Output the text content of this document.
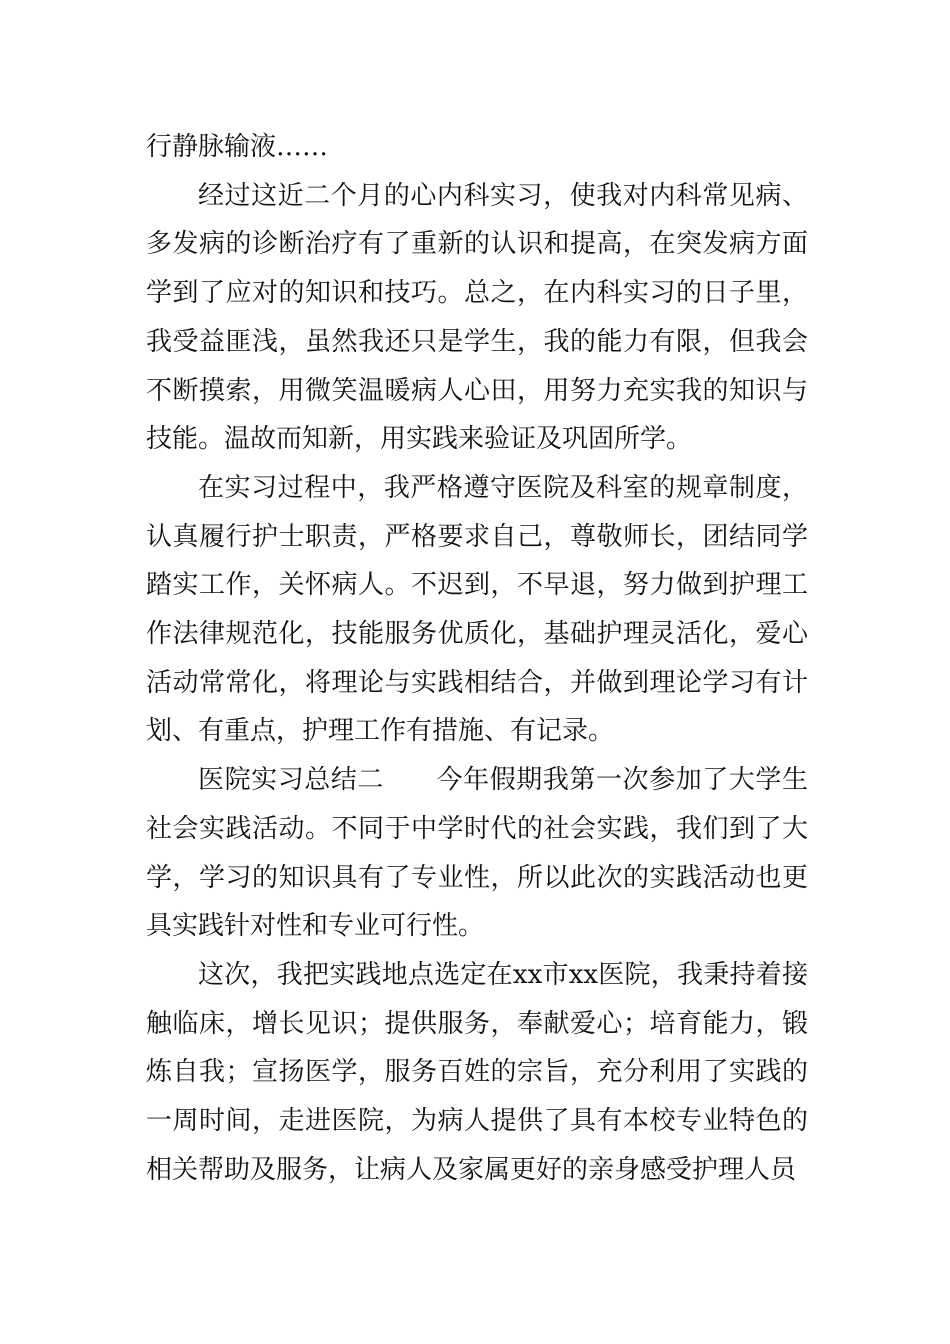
行静脉输液……

经过这近二个月的心内科实习，使我对内科常见病、多发病的诊断治疗有了重新的认识和提高，在突发病方面学到了应对的知识和技巧。总之，在内科实习的日子里，我受益匪浅，虽然我还只是学生，我的能力有限，但我会不断摸索，用微笑温暖病人心田，用努力充实我的知识与技能。温故而知新，用实践来验证及巩固所学。

在实习过程中，我严格遵守医院及科室的规章制度，认真履行护士职责，严格要求自己，尊敬师长，团结同学踏实工作，关怀病人。不迟到，不早退，努力做到护理工作法律规范化，技能服务优质化，基础护理灵活化，爱心活动常常化，将理论与实践相结合，并做到理论学习有计划、有重点，护理工作有措施、有记录。

医院实习总结二 今年假期我第一次参加了大学生社会实践活动。不同于中学时代的社会实践，我们到了大学，学习的知识具有了专业性，所以此次的实践活动也更具实践针对性和专业可行性。

这次，我把实践地点选定在xx市xx医院，我秉持着接触临床，增长见识；提供服务，奉献爱心；培育能力，锻炼自我；宣扬医学，服务百姓的宗旨，充分利用了实践的一周时间，走进医院，为病人提供了具有本校专业特色的相关帮助及服务，让病人及家属更好的亲身感受护理人员
